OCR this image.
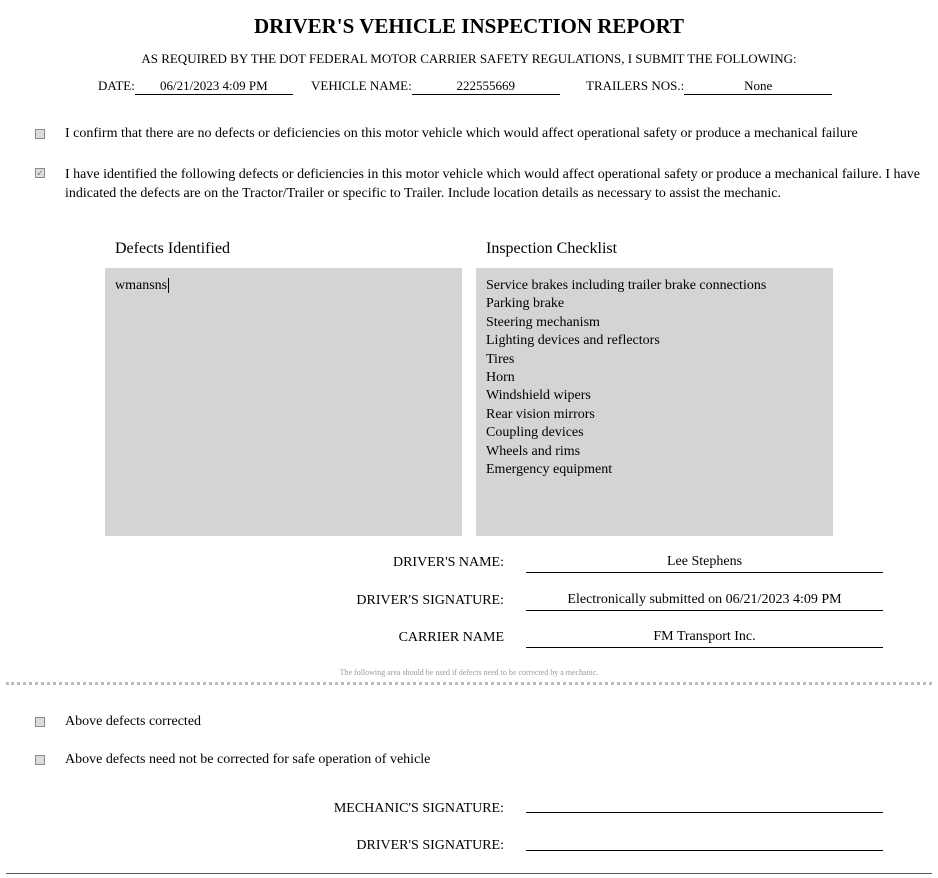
DRIVER'S VEHICLE INSPECTION REPORT
AS REQUIRED BY THE DOT FEDERAL MOTOR CARRIER SAFETY REGULATIONS, I SUBMIT THE FOLLOWING:
DATE: 06/21/2023 4:09 PM	VEHICLE NAME:	222555669	TRAILERS NOS.:	None
I confirm that there are no defects or deficiencies on this motor vehicle which would affect operational safety or produce a mechanical failure
✓ I have identified the following defects or deficiencies in this motor vehicle which would affect operational safety or produce a mechanical failure. I have indicated the defects are on the Tractor/Trailer or specific to Trailer. Include location details as necessary to assist the mechanic.
Defects Identified
wmansns
Inspection Checklist
Service brakes including trailer brake connections
Parking brake
Steering mechanism
Lighting devices and reflectors
Tires
Horn
Windshield wipers
Rear vision mirrors
Coupling devices
Wheels and rims
Emergency equipment
DRIVER'S NAME:	Lee Stephens
DRIVER'S SIGNATURE:	Electronically submitted on 06/21/2023 4:09 PM
CARRIER NAME	FM Transport Inc.
The following area should be used if defects need to be corrected by a mechanic.
Above defects corrected
Above defects need not be corrected for safe operation of vehicle
MECHANIC'S SIGNATURE:
DRIVER'S SIGNATURE:
